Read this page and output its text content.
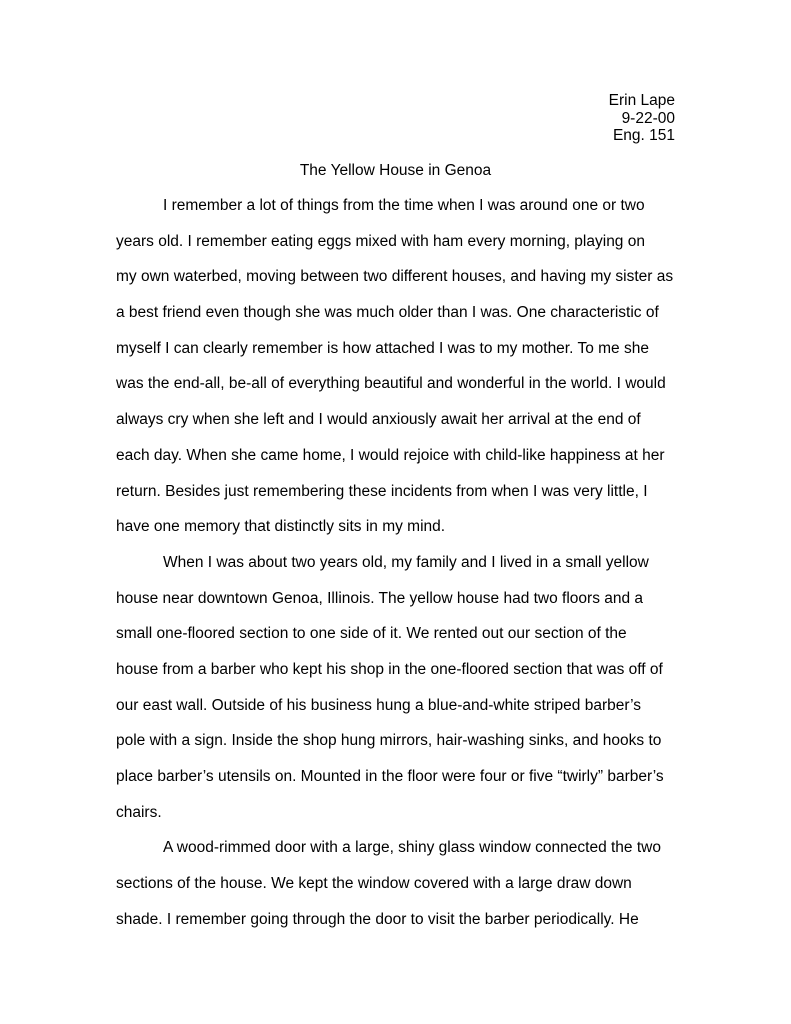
Erin Lape
9-22-00
Eng. 151
The Yellow House in Genoa
I remember a lot of things from the time when I was around one or two
years old. I remember eating eggs mixed with ham every morning, playing on
my own waterbed, moving between two different houses, and having my sister as
a best friend even though she was much older than I was. One characteristic of
myself I can clearly remember is how attached I was to my mother. To me she
was the end-all, be-all of everything beautiful and wonderful in the world. I would
always cry when she left and I would anxiously await her arrival at the end of
each day. When she came home, I would rejoice with child-like happiness at her
return. Besides just remembering these incidents from when I was very little, I
have one memory that distinctly sits in my mind.
When I was about two years old, my family and I lived in a small yellow
house near downtown Genoa, Illinois. The yellow house had two floors and a
small one-floored section to one side of it. We rented out our section of the
house from a barber who kept his shop in the one-floored section that was off of
our east wall. Outside of his business hung a blue-and-white striped barber’s
pole with a sign. Inside the shop hung mirrors, hair-washing sinks, and hooks to
place barber’s utensils on. Mounted in the floor were four or five “twirly” barber’s
chairs.
A wood-rimmed door with a large, shiny glass window connected the two
sections of the house. We kept the window covered with a large draw down
shade. I remember going through the door to visit the barber periodically. He
